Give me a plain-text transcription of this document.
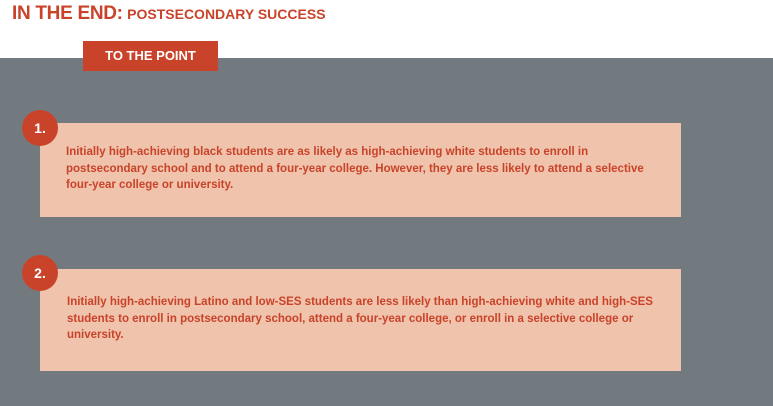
IN THE END: POSTSECONDARY SUCCESS
TO THE POINT

Initially high-achieving black students are as likely as high-achieving white students to enroll in postsecondary school and to attend a four-year college. However, they are less likely to attend a selective four-year college or university.

1.

Initially high-achieving Latino and low-SES students are less likely than high-achieving white and high-SES students to enroll in postsecondary school, attend a four-year college, or enroll in a selective college or university.

2.
